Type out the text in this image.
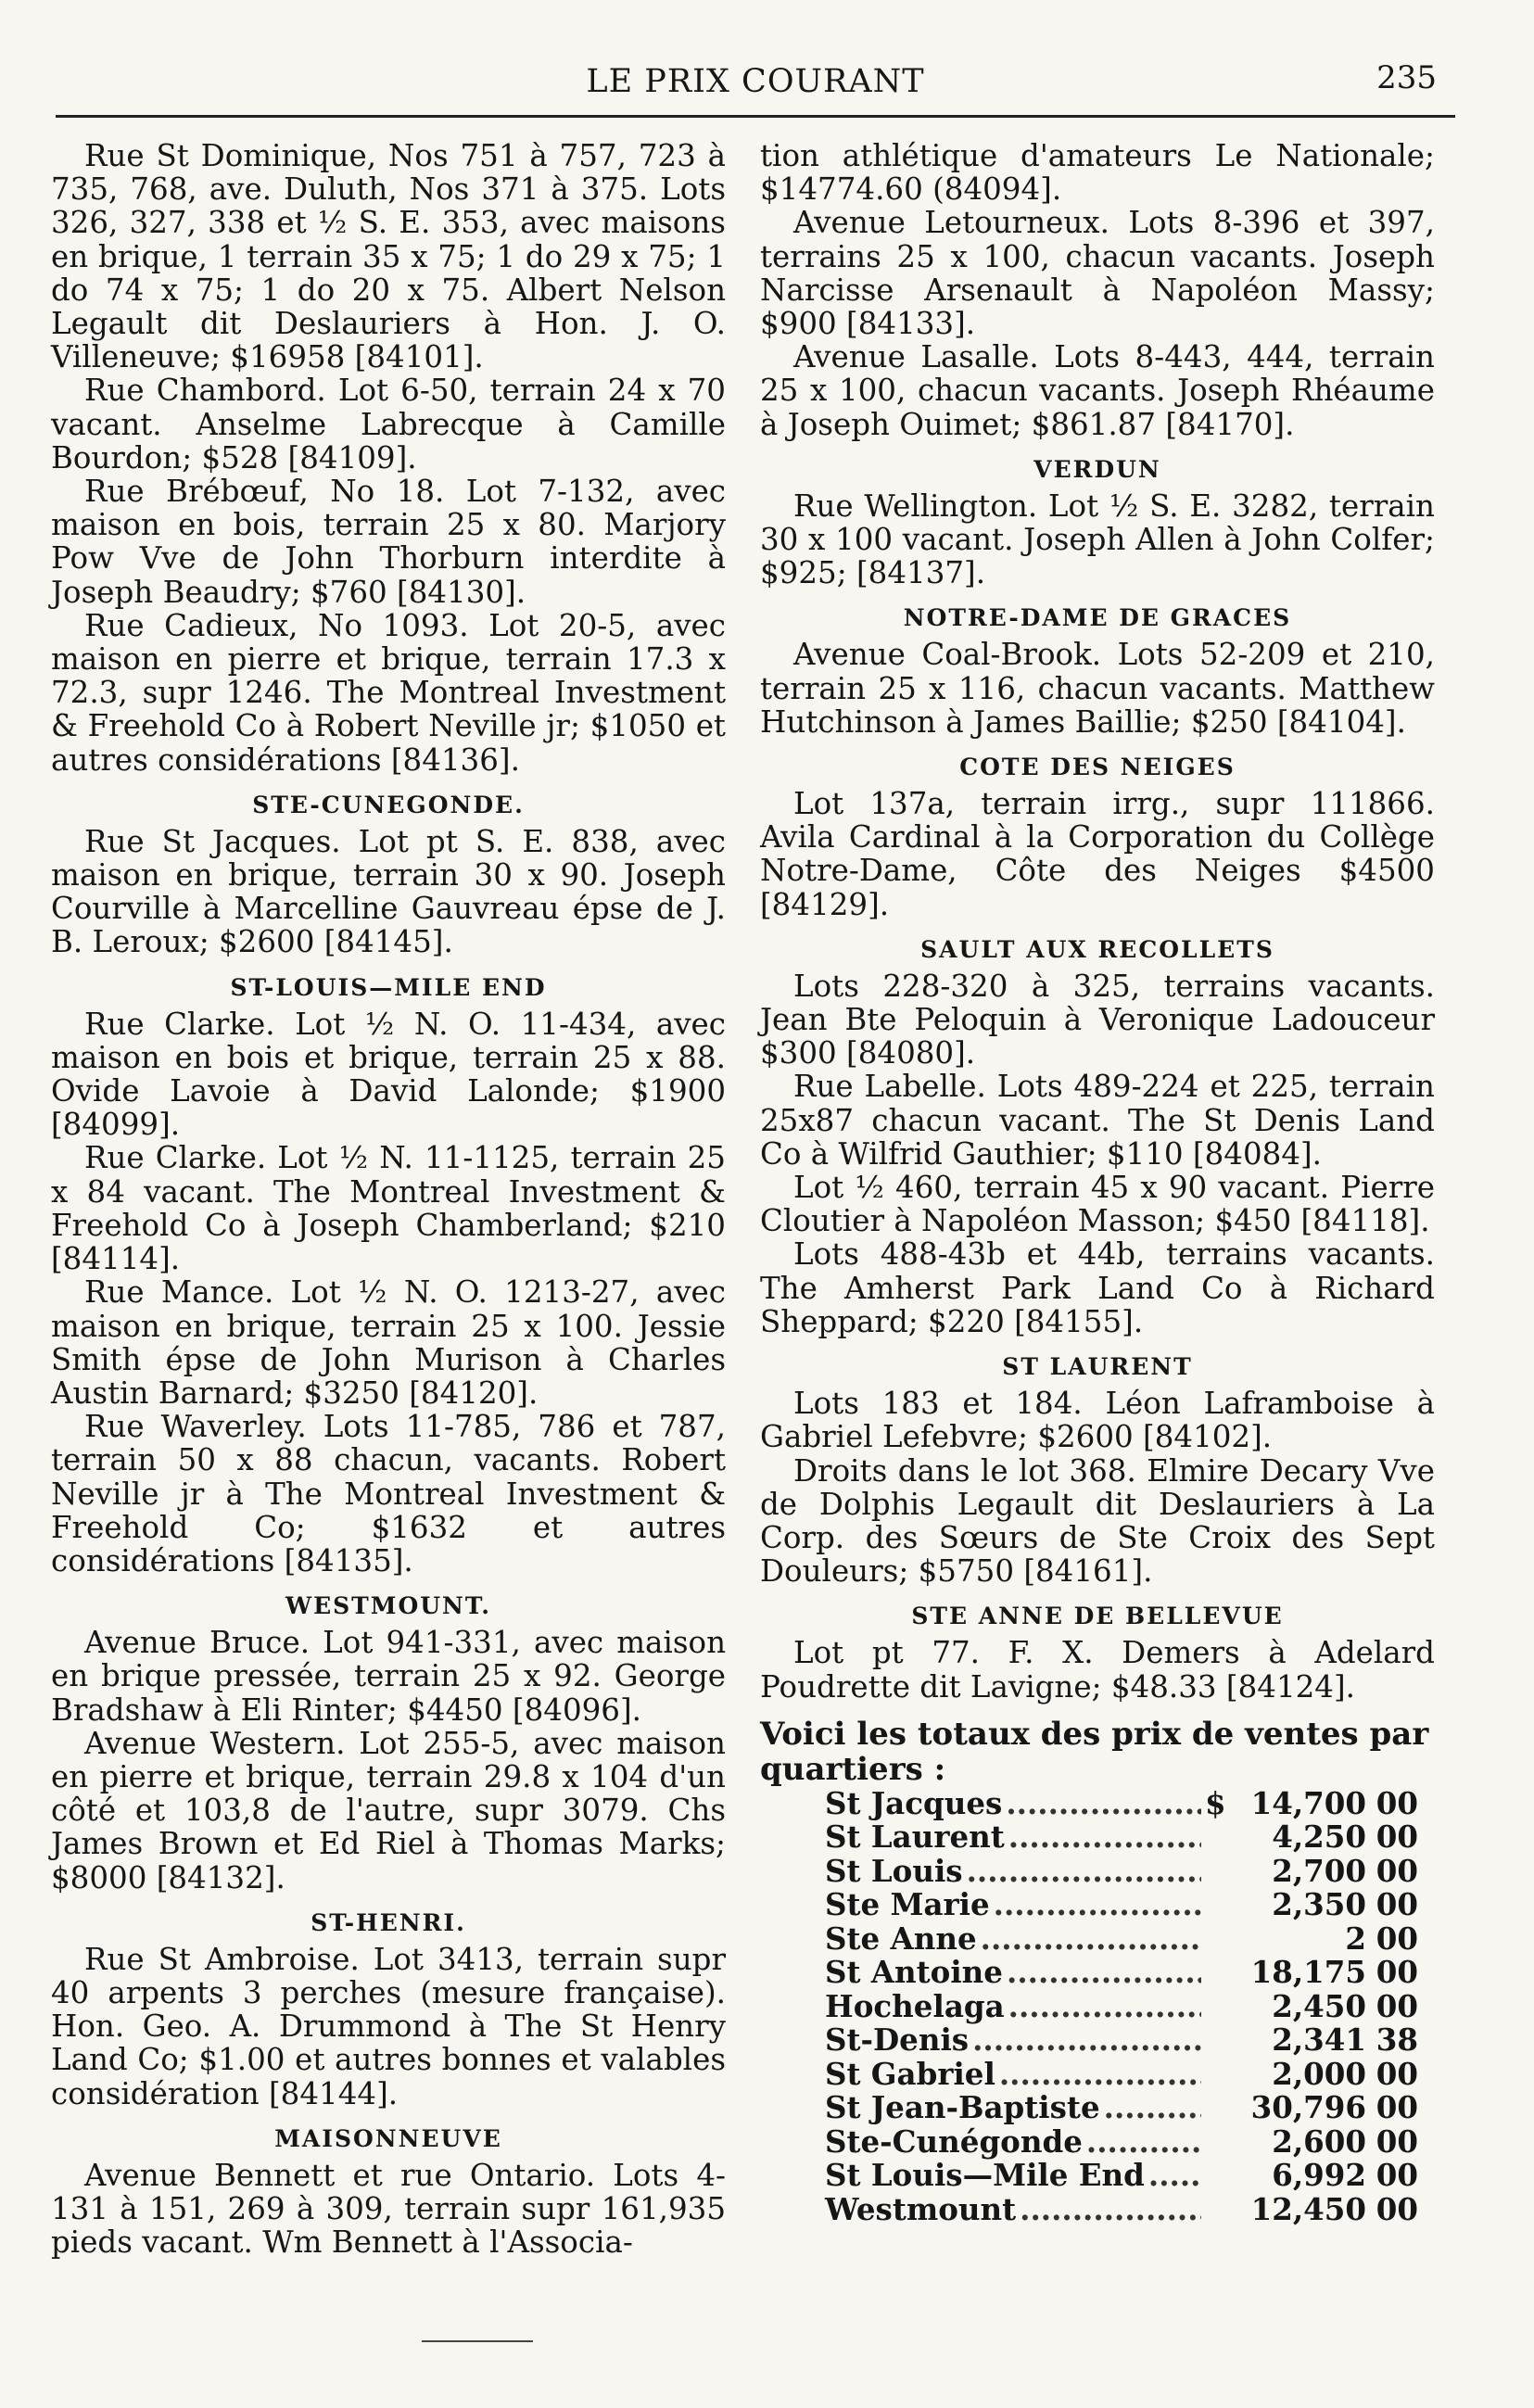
LE PRIX COURANT	235

Rue St Dominique, Nos 751 à 757, 723 à 735, 768, ave. Duluth, Nos 371 à 375. Lots 326, 327, 338 et ½ S. E. 353, avec maisons en brique, 1 terrain 35 x 75; 1 do 29 x 75; 1 do 74 x 75; 1 do 20 x 75. Albert Nelson Legault dit Deslauriers à Hon. J. O. Villeneuve; $16958 [84101].

Rue Chambord. Lot 6-50, terrain 24 x 70 vacant. Anselme Labrecque à Camille Bourdon; $528 [84109].

Rue Brébœuf, No 18. Lot 7-132, avec maison en bois, terrain 25 x 80. Marjory Pow Vve de John Thorburn interdite à Joseph Beaudry; $760 [84130].

Rue Cadieux, No 1093. Lot 20-5, avec maison en pierre et brique, terrain 17.3 x 72.3, supr 1246. The Montreal Investment & Freehold Co à Robert Neville jr; $1050 et autres considérations [84136].

STE-CUNEGONDE.

Rue St Jacques. Lot pt S. E. 838, avec maison en brique, terrain 30 x 90. Joseph Courville à Marcelline Gauvreau épse de J. B. Leroux; $2600 [84145].

ST-LOUIS—MILE END

Rue Clarke. Lot ½ N. O. 11-434, avec maison en bois et brique, terrain 25 x 88. Ovide Lavoie à David Lalonde; $1900 [84099].

Rue Clarke. Lot ½ N. 11-1125, terrain 25 x 84 vacant. The Montreal Investment & Freehold Co à Joseph Chamberland; $210 [84114].

Rue Mance. Lot ½ N. O. 1213-27, avec maison en brique, terrain 25 x 100. Jessie Smith épse de John Murison à Charles Austin Barnard; $3250 [84120].

Rue Waverley. Lots 11-785, 786 et 787, terrain 50 x 88 chacun, vacants. Robert Neville jr à The Montreal Investment & Freehold Co; $1632 et autres considérations [84135].

WESTMOUNT.

Avenue Bruce. Lot 941-331, avec maison en brique pressée, terrain 25 x 92. George Bradshaw à Eli Rinter; $4450 [84096].

Avenue Western. Lot 255-5, avec maison en pierre et brique, terrain 29.8 x 104 d'un côté et 103,8 de l'autre, supr 3079. Chs James Brown et Ed Riel à Thomas Marks; $8000 [84132].

ST-HENRI.

Rue St Ambroise. Lot 3413, terrain supr 40 arpents 3 perches (mesure française). Hon. Geo. A. Drummond à The St Henry Land Co; $1.00 et autres bonnes et valables considération [84144].

MAISONNEUVE

Avenue Bennett et rue Ontario. Lots 4-131 à 151, 269 à 309, terrain supr 161,935 pieds vacant. Wm Bennett à l'Associa-

tion athlétique d'amateurs Le Nationale; $14774.60 (84094].

Avenue Letourneux. Lots 8-396 et 397, terrains 25 x 100, chacun vacants. Joseph Narcisse Arsenault à Napoléon Massy; $900 [84133].

Avenue Lasalle. Lots 8-443, 444, terrain 25 x 100, chacun vacants. Joseph Rhéaume à Joseph Ouimet; $861.87 [84170].

VERDUN

Rue Wellington. Lot ½ S. E. 3282, terrain 30 x 100 vacant. Joseph Allen à John Colfer; $925; [84137].

NOTRE-DAME DE GRACES

Avenue Coal-Brook. Lots 52-209 et 210, terrain 25 x 116, chacun vacants. Matthew Hutchinson à James Baillie; $250 [84104].

COTE DES NEIGES

Lot 137a, terrain irrg., supr 111866. Avila Cardinal à la Corporation du Collège Notre-Dame, Côte des Neiges $4500 [84129].

SAULT AUX RECOLLETS

Lots 228-320 à 325, terrains vacants. Jean Bte Peloquin à Veronique Ladouceur $300 [84080].

Rue Labelle. Lots 489-224 et 225, terrain 25x87 chacun vacant. The St Denis Land Co à Wilfrid Gauthier; $110 [84084].

Lot ½ 460, terrain 45 x 90 vacant. Pierre Cloutier à Napoléon Masson; $450 [84118].

Lots 488-43b et 44b, terrains vacants. The Amherst Park Land Co à Richard Sheppard; $220 [84155].

ST LAURENT

Lots 183 et 184. Léon Laframboise à Gabriel Lefebvre; $2600 [84102].

Droits dans le lot 368. Elmire Decary Vve de Dolphis Legault dit Deslauriers à La Corp. des Sœurs de Ste Croix des Sept Douleurs; $5750 [84161].

STE ANNE DE BELLEVUE

Lot pt 77. F. X. Demers à Adelard Poudrette dit Lavigne; $48.33 [84124].

Voici les totaux des prix de ventes par quartiers :

St Jacques .....	$ 14,700 00
St Laurent .....	4,250 00
St Louis .....	2,700 00
Ste Marie .....	2,350 00
Ste Anne .....	2 00
St Antoine .....	18,175 00
Hochelaga .....	2,450 00
St-Denis .....	2,341 38
St Gabriel .....	2,000 00
St Jean-Baptiste .....	30,796 00
Ste-Cunégonde .....	2,600 00
St Louis—Mile End .....	6,992 00
Westmount .....	12,450 00
